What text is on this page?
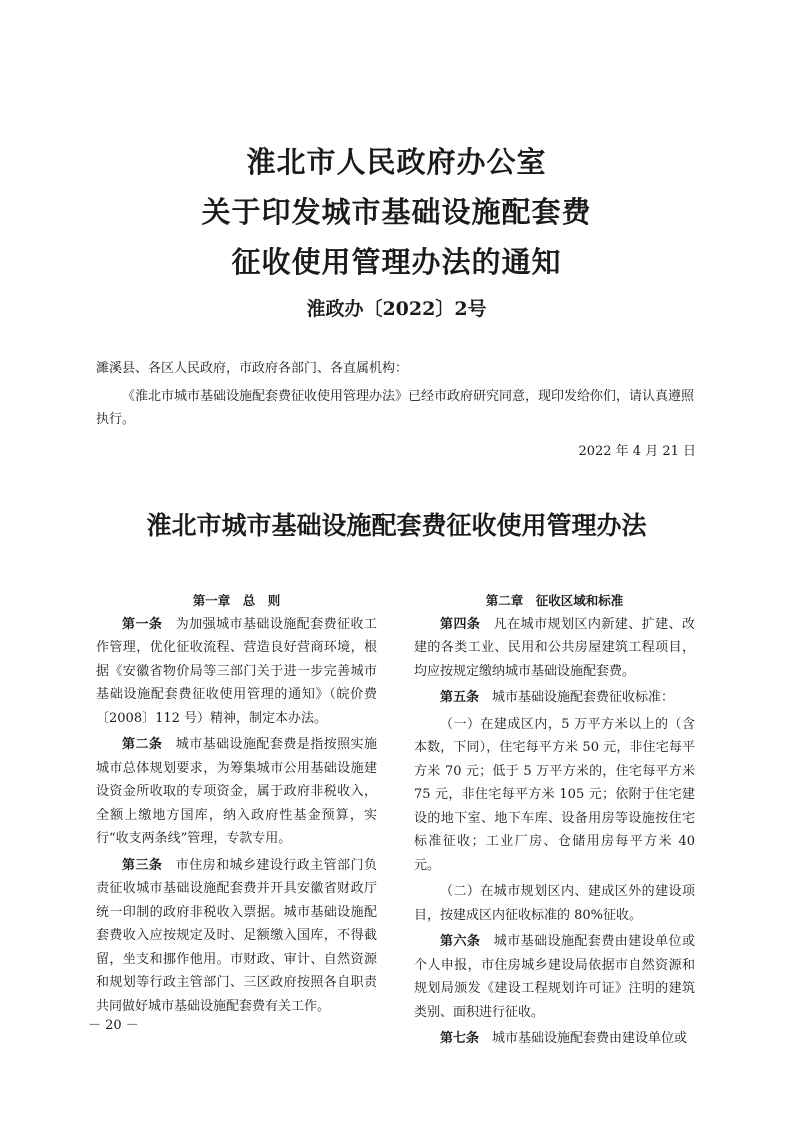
淮北市人民政府办公室
关于印发城市基础设施配套费
征收使用管理办法的通知
淮政办〔2022〕2号
濉溪县、各区人民政府，市政府各部门、各直属机构：
《淮北市城市基础设施配套费征收使用管理办法》已经市政府研究同意，现印发给你们，请认真遵照执行。
2022 年 4 月 21 日
淮北市城市基础设施配套费征收使用管理办法
第一章　总　则

第一条　 为加强城市基础设施配套费征收工作管理，优化征收流程、营造良好营商环境，根据《安徽省物价局等三部门关于进一步完善城市基础设施配套费征收使用管理的通知》（皖价费〔2008〕112 号）精神，制定本办法。

第二条　 城市基础设施配套费是指按照实施城市总体规划要求，为筹集城市公用基础设施建设资金所收取的专项资金，属于政府非税收入，全额上缴地方国库，纳入政府性基金预算，实行“收支两条线”管理，专款专用。

第三条　 市住房和城乡建设行政主管部门负责征收城市基础设施配套费并开具安徽省财政厅统一印制的政府非税收入票据。城市基础设施配套费收入应按规定及时、足额缴入国库，不得截留，坐支和挪作他用。市财政、审计、自然资源和规划等行政主管部门、三区政府按照各自职责共同做好城市基础设施配套费有关工作。

第二章　征收区域和标准

第四条　 凡在城市规划区内新建、扩建、改建的各类工业、民用和公共房屋建筑工程项目，均应按规定缴纳城市基础设施配套费。

第五条　 城市基础设施配套费征收标准：

（一）在建成区内，5 万平方米以上的（含本数，下同），住宅每平方米 50 元，非住宅每平方米 70 元；低于 5 万平方米的，住宅每平方米 75 元，非住宅每平方米 105 元；依附于住宅建设的地下室、地下车库、设备用房等设施按住宅标准征收；工业厂房、仓储用房每平方米 40 元。

（二）在城市规划区内、建成区外的建设项目，按建成区内征收标准的 80%征收。

第六条　 城市基础设施配套费由建设单位或个人申报，市住房城乡建设局依据市自然资源和规划局颁发《建设工程规划许可证》注明的建筑类别、面积进行征收。

第七条　 城市基础设施配套费由建设单位或

－ 20 －
